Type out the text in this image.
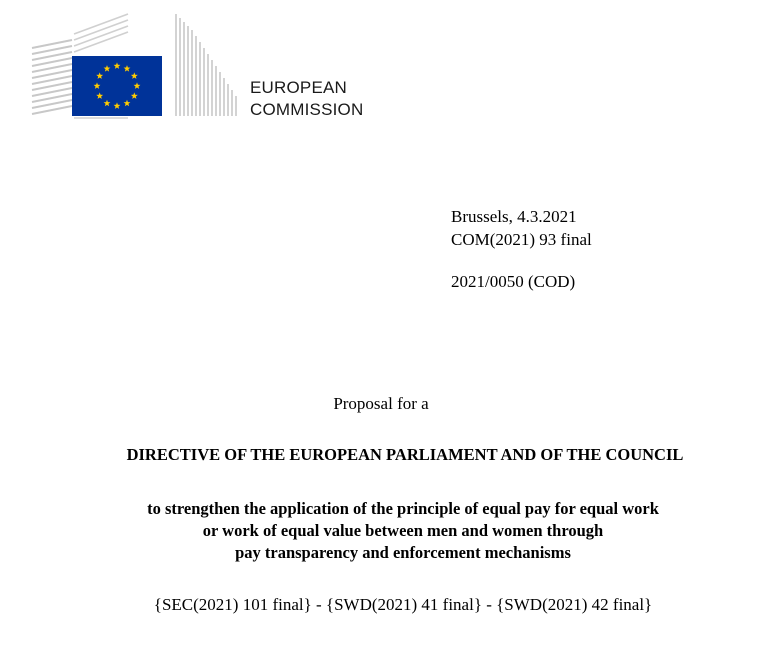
EUROPEAN
COMMISSION
Brussels, 4.3.2021
COM(2021) 93 final
2021/0050 (COD)
Proposal for a
DIRECTIVE OF THE EUROPEAN PARLIAMENT AND OF THE COUNCIL
to strengthen the application of the principle of equal pay for equal work
or work of equal value between men and women through
pay transparency and enforcement mechanisms
{SEC(2021) 101 final} - {SWD(2021) 41 final} - {SWD(2021) 42 final}
